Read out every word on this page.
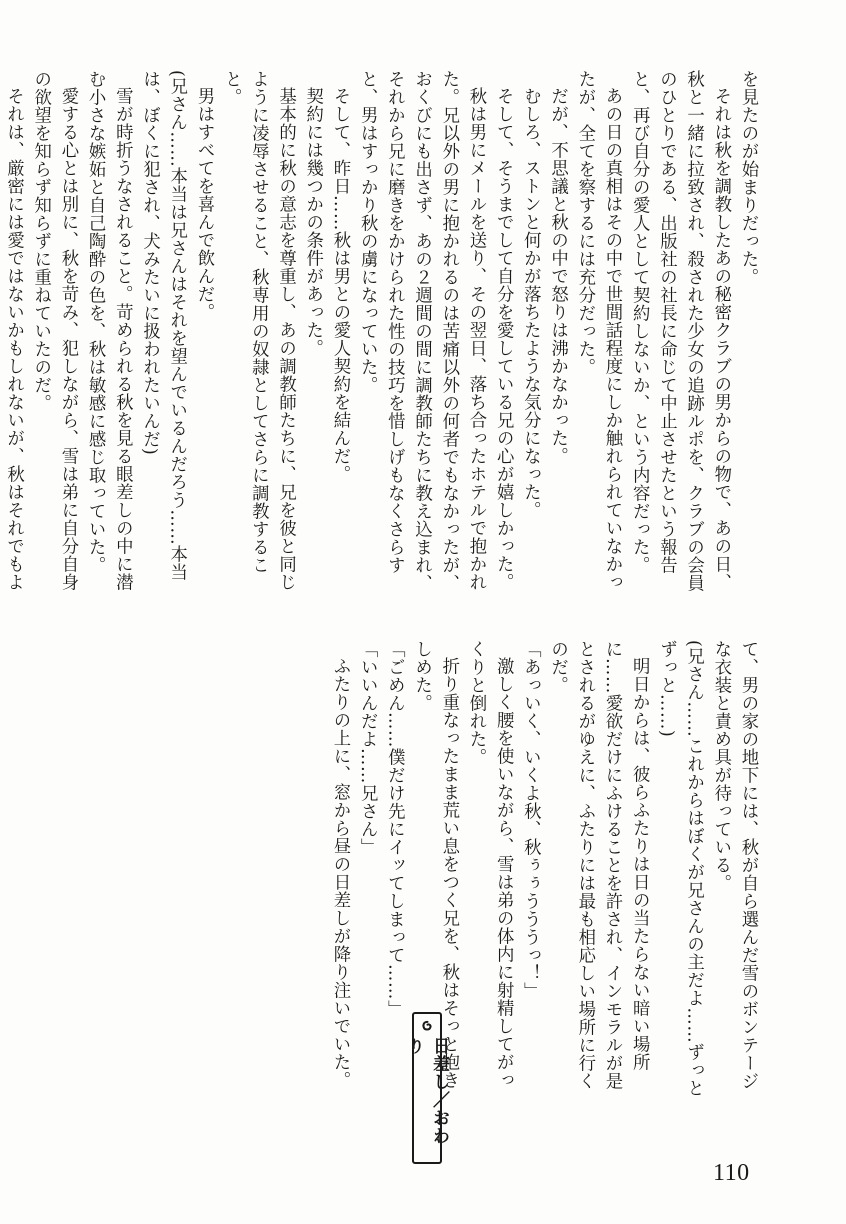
を見たのが始まりだった。

それは秋を調教したあの秘密クラブの男からの物で、あの日、秋と一緒に拉致され、殺された少女の追跡ルポを、クラブの会員のひとりである、出版社の社長に命じて中止させたという報告と、再び自分の愛人として契約しないか、という内容だった。

あの日の真相はその中で世間話程度にしか触れられていなかったが、全てを察するには充分だった。

だが、不思議と秋の中で怒りは沸かなかった。

むしろ、ストンと何かが落ちたような気分になった。

そして、そうまでして自分を愛している兄の心が嬉しかった。

秋は男にメールを送り、その翌日、落ち合ったホテルで抱かれた。兄以外の男に抱かれるのは苦痛以外の何者でもなかったが、おくびにも出さず、あの２週間の間に調教師たちに教え込まれ、それから兄に磨きをかけられた性の技巧を惜しげもなくさらすと、男はすっかり秋の虜になっていた。

そして、昨日……秋は男との愛人契約を結んだ。

契約には幾つかの条件があった。

基本的に秋の意志を尊重し、あの調教師たちに、兄を彼と同じように凌辱させること、秋専用の奴隷としてさらに調教すること。

男はすべてを喜んで飲んだ。

(兄さん……本当は兄さんはそれを望んでいるんだろう……本当は、ぼくに犯され、犬みたいに扱われたいんだ)

雪が時折うなされること。苛められる秋を見る眼差しの中に潜む小さな嫉妬と自己陶酔の色を、秋は敏感に感じ取っていた。

愛する心とは別に、秋を苛み、犯しながら、雪は弟に自分自身の欲望を知らず知らずに重ねていたのだ。

それは、厳密には愛ではないかもしれないが、秋はそれでもよ

て、男の家の地下には、秋が自ら選んだ雪のボンテージな衣装と責め具が待っている。

(兄さん……これからはぼくが兄さんの主だよ……ずっとずっと……)

明日からは、彼らふたりは日の当たらない暗い場所に……愛欲だけにふけることを許され、インモラルが是とされるがゆえに、ふたりには最も相応しい場所に行くのだ。

「あっいく、いくよ秋、秋ぅぅうううっ！」

激しく腰を使いながら、雪は弟の体内に射精してがっくりと倒れた。

折り重なったまま荒い息をつく兄を、秋はそっと抱きしめた。

「ごめん……僕だけ先にイッてしまって……」

「いいんだよ……兄さん」

ふたりの上に、窓から昼の日差しが降り注いでいた。

日差し／おわり
110
